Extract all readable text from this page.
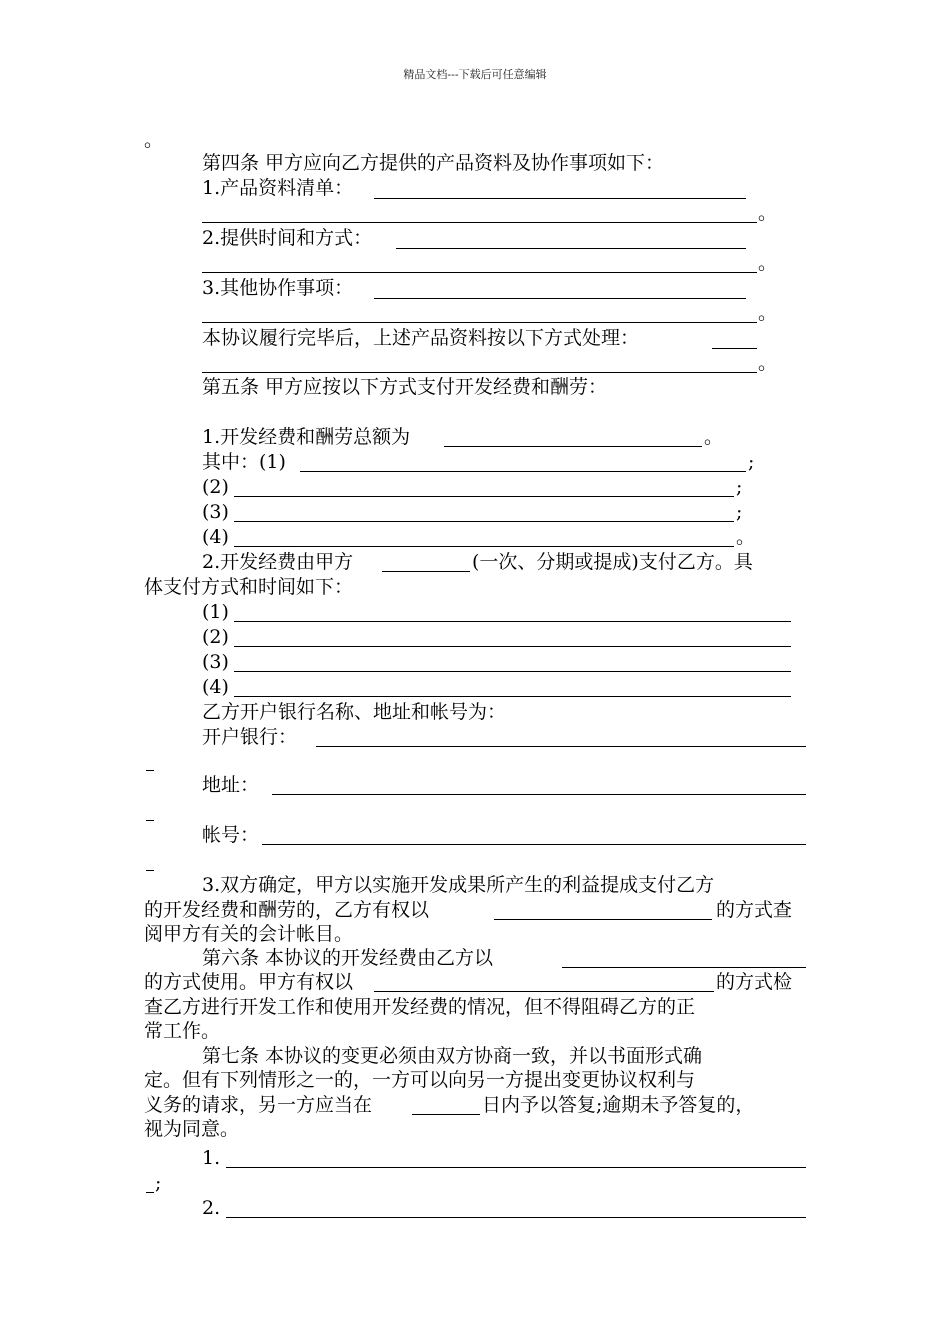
精品文档---下载后可任意编辑
。
第四条 甲方应向乙方提供的产品资料及协作事项如下：
1.产品资料清单：
。
2.提供时间和方式：
。
3.其他协作事项：
。
本协议履行完毕后，上述产品资料按以下方式处理：
。
第五条 甲方应按以下方式支付开发经费和酬劳：
1.开发经费和酬劳总额为	。
其中：(1)	;
(2)	;
(3)	;
(4)	。
2.开发经费由甲方	(一次、分期或提成)支付乙方。具
体支付方式和时间如下：
(1)
(2)
(3)
(4)
乙方开户银行名称、地址和帐号为：
开户银行：
地址：
帐号：
3.双方确定，甲方以实施开发成果所产生的利益提成支付乙方
的开发经费和酬劳的，乙方有权以	的方式查
阅甲方有关的会计帐目。
第六条 本协议的开发经费由乙方以
的方式使用。甲方有权以	的方式检
查乙方进行开发工作和使用开发经费的情况，但不得阻碍乙方的正
常工作。
第七条 本协议的变更必须由双方协商一致，并以书面形式确
定。但有下列情形之一的，一方可以向另一方提出变更协议权利与
义务的请求，另一方应当在	日内予以答复;逾期未予答复的，
视为同意。
1.
;
2.
